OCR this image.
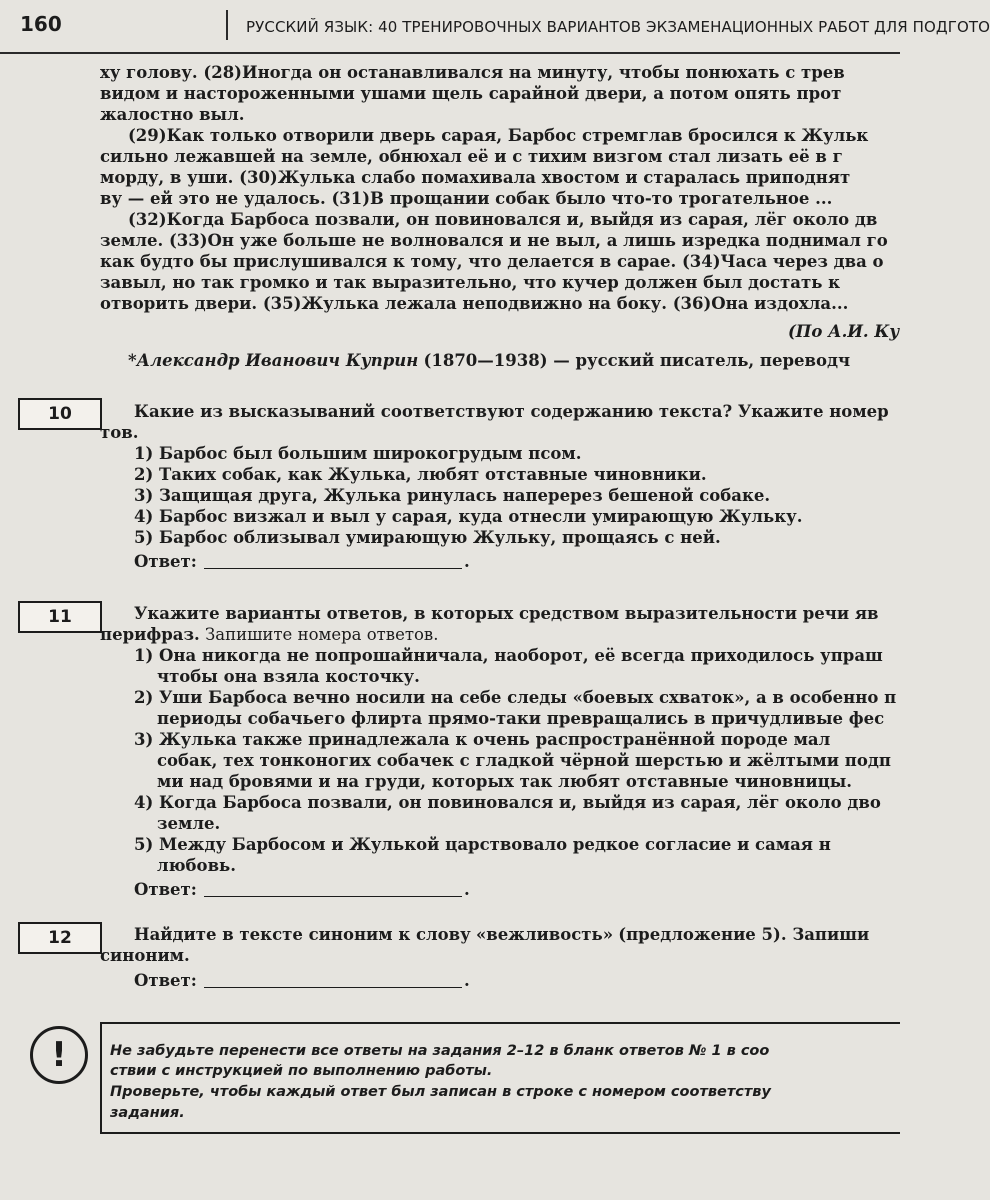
160	РУССКИЙ ЯЗЫК: 40 ТРЕНИРОВОЧНЫХ ВАРИАНТОВ ЭКЗАМЕНАЦИОННЫХ РАБОТ ДЛЯ ПОДГОТО
ху голову. (28)Иногда он останавливался на минуту, чтобы понюхать с трев
видом и настороженными ушами щель сарайной двери, а потом опять прот
жалостно выл.
(29)Как только отворили дверь сарая, Барбос стремглав бросился к Жульк
сильно лежавшей на земле, обнюхал её и с тихим визгом стал лизать её в г
морду, в уши. (30)Жулька слабо помахивала хвостом и старалась приподнят
ву — ей это не удалось. (31)В прощании собак было что-то трогательное ...
(32)Когда Барбоса позвали, он повиновался и, выйдя из сарая, лёг около дв
земле. (33)Он уже больше не волновался и не выл, а лишь изредка поднимал го
как будто бы прислушивался к тому, что делается в сарае. (34)Часа через два о
завыл, но так громко и так выразительно, что кучер должен был достать к
отворить двери. (35)Жулька лежала неподвижно на боку. (36)Она издохла...
(По А.И. Ку
*Александр Иванович Куприн (1870—1938) — русский писатель, переводч
10	Какие из высказываний соответствуют содержанию текста? Укажите номер
тов.
1) Барбос был большим широкогрудым псом.
2) Таких собак, как Жулька, любят отставные чиновники.
3) Защищая друга, Жулька ринулась наперерез бешеной собаке.
4) Барбос визжал и выл у сарая, куда отнесли умирающую Жульку.
5) Барбос облизывал умирающую Жульку, прощаясь с ней.
Ответ:	.
11	Укажите варианты ответов, в которых средством выразительности речи яв
перифраз. Запишите номера ответов.
1) Она никогда не попрошайничала, наоборот, её всегда приходилось упраш
чтобы она взяла косточку.
2) Уши Барбоса вечно носили на себе следы «боевых схваток», а в особенно п
периоды собачьего флирта прямо-таки превращались в причудливые фес
3) Жулька также принадлежала к очень распространённой породе мал
собак, тех тонконогих собачек с гладкой чёрной шерстью и жёлтыми подп
ми над бровями и на груди, которых так любят отставные чиновницы.
4) Когда Барбоса позвали, он повиновался и, выйдя из сарая, лёг около дво
земле.
5) Между Барбосом и Жулькой царствовало редкое согласие и самая н
любовь.
Ответ:	.
12	Найдите в тексте синоним к слову «вежливость» (предложение 5). Запиши
синоним.
Ответ:	.
!	Не забудьте перенести все ответы на задания 2–12 в бланк ответов № 1 в соо
ствии с инструкцией по выполнению работы.
Проверьте, чтобы каждый ответ был записан в строке с номером соответству
задания.
